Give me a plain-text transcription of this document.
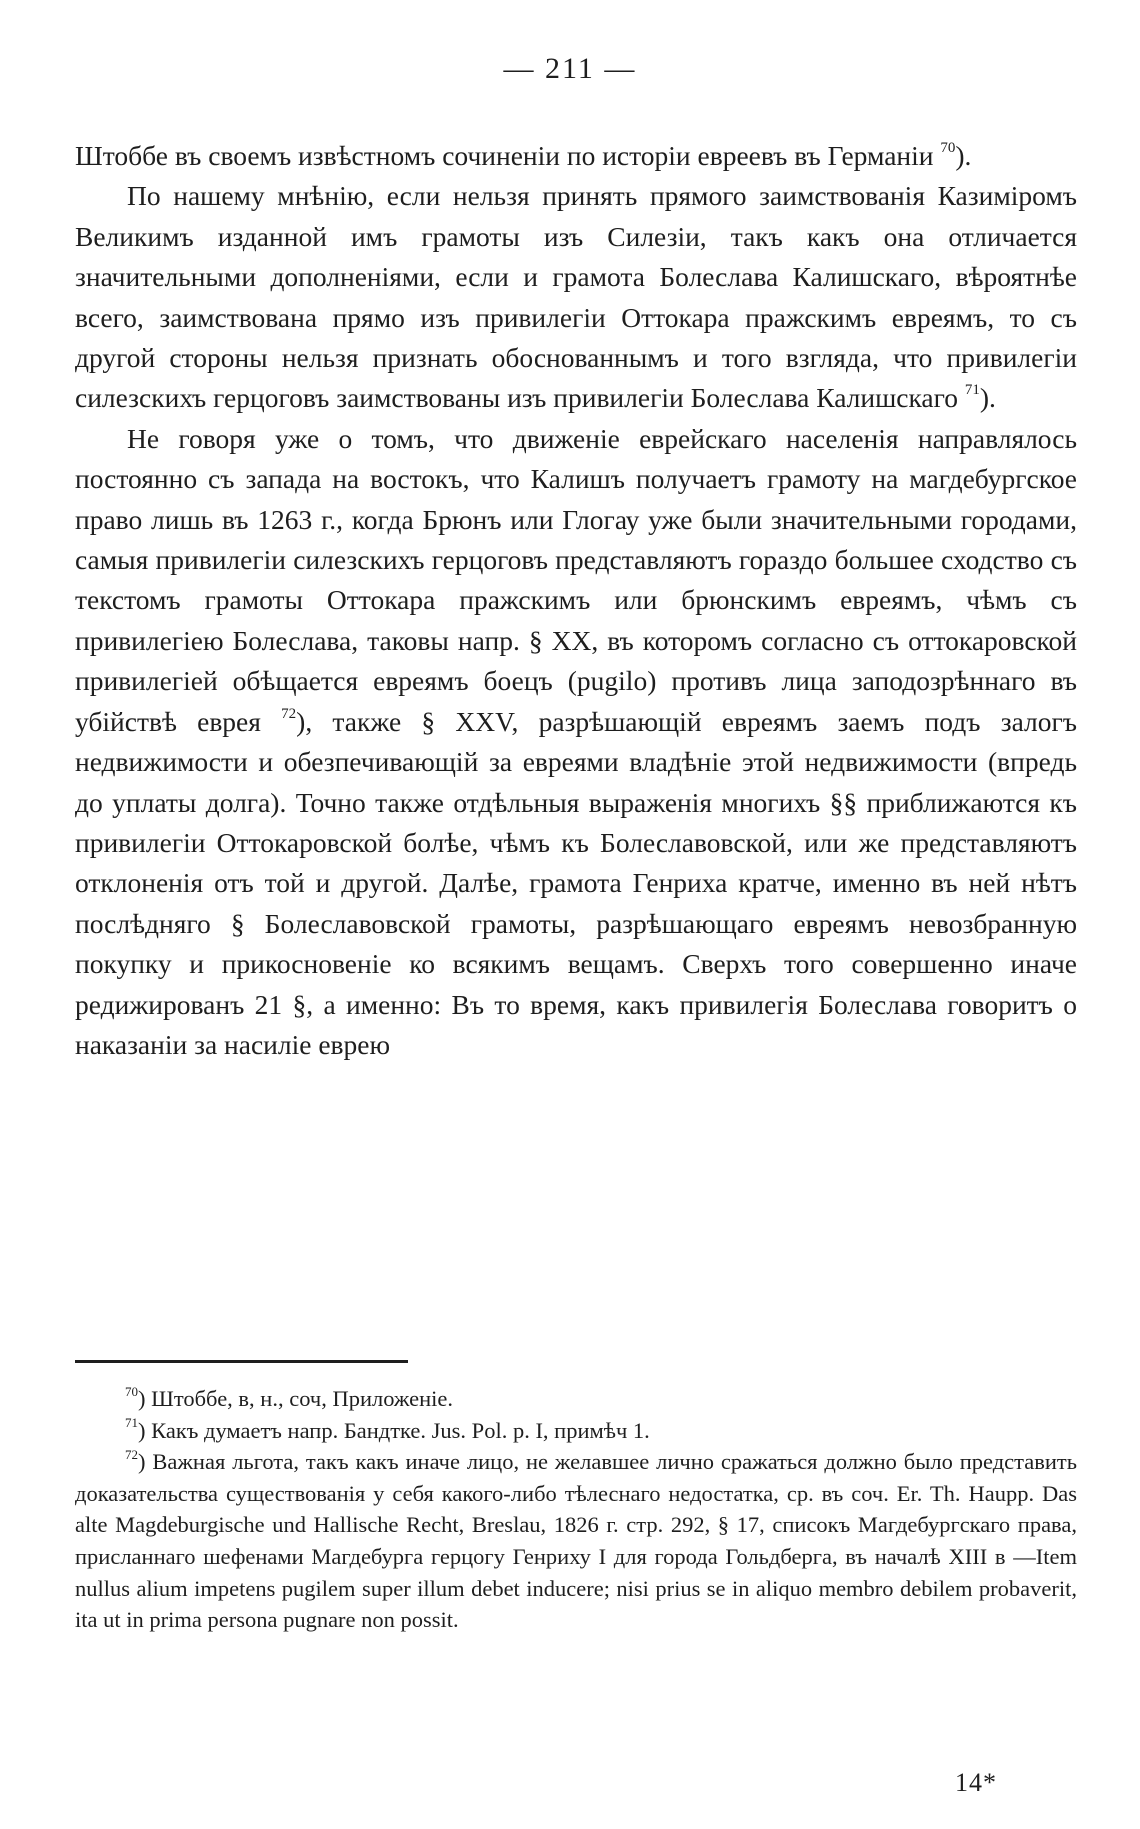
— 211 —

Штоббе въ своемъ извѣстномъ сочиненіи по исторіи евреевъ въ Германіи $^{70}$).

По нашему мнѣнію, если нельзя принять прямого заимствованія Казиміромъ Великимъ изданной имъ грамоты изъ Силезіи, такъ какъ она отличается значительными дополненіями, если и грамота Болеслава Калишскаго, вѣроятнѣе всего, заимствована прямо изъ привилегіи Оттокара пражскимъ евреямъ, то съ другой стороны нельзя признать обоснованнымъ и того взгляда, что привилегіи силезскихъ герцоговъ заимствованы изъ привилегіи Болеслава Калишскаго $^{71}$).

Не говоря уже о томъ, что движеніе еврейскаго населенія направлялось постоянно съ запада на востокъ, что Калишъ получаетъ грамоту на магдебургское право лишь въ 1263 г., когда Брюнъ или Глогау уже были значительными городами, самыя привилегіи силезскихъ герцоговъ представляютъ гораздо большее сходство съ текстомъ грамоты Оттокара пражскимъ или брюнскимъ евреямъ, чѣмъ съ привилегіею Болеслава, таковы напр. § XX, въ которомъ согласно съ оттокаровской привилегіей обѣщается евреямъ боецъ (pugilo) противъ лица заподозрѣннаго въ убійствѣ еврея $^{72}$), также § XXV, разрѣшающій евреямъ заемъ подъ залогъ недвижимости и обезпечивающій за евреями владѣніе этой недвижимости (впредь до уплаты долга). Точно также отдѣльныя выраженія многихъ §§ приближаются къ привилегіи Оттокаровской болѣе, чѣмъ къ Болеславовской, или же представляютъ отклоненія отъ той и другой. Далѣе, грамота Генриха кратче, именно въ ней нѣтъ послѣдняго § Болеславовской грамоты, разрѣшающаго евреямъ невозбранную покупку и прикосновеніе ко всякимъ вещамъ. Сверхъ того совершенно иначе редижированъ 21 §, а именно: Въ то время, какъ привилегія Болеслава говоритъ о наказаніи за насиліе еврею

$^{70}$) Штоббе, в, н., соч, Приложеніе.

$^{71}$) Какъ думаетъ напр. Бандтке. Jus. Pol. p. I, примѣч 1.

$^{72}$) Важная льгота, такъ какъ иначе лицо, не желавшее лично сражаться должно было представить доказательства существованія у себя какого-либо тѣлеснаго недостатка, ср. въ соч. Er. Th. Haupp. Das alte Magdeburgische und Hallische Recht, Breslau, 1826 г. стр. 292, § 17, списокъ Магдебургскаго права, присланнаго шефенами Магдебурга герцогу Генриху I для города Гольдберга, въ началѣ XIII в —Item nullus alium impetens pugilem super illum debet inducere; nisi prius se in aliquo membro debilem probaverit, ita ut in prima persona pugnare non possit.

14*
